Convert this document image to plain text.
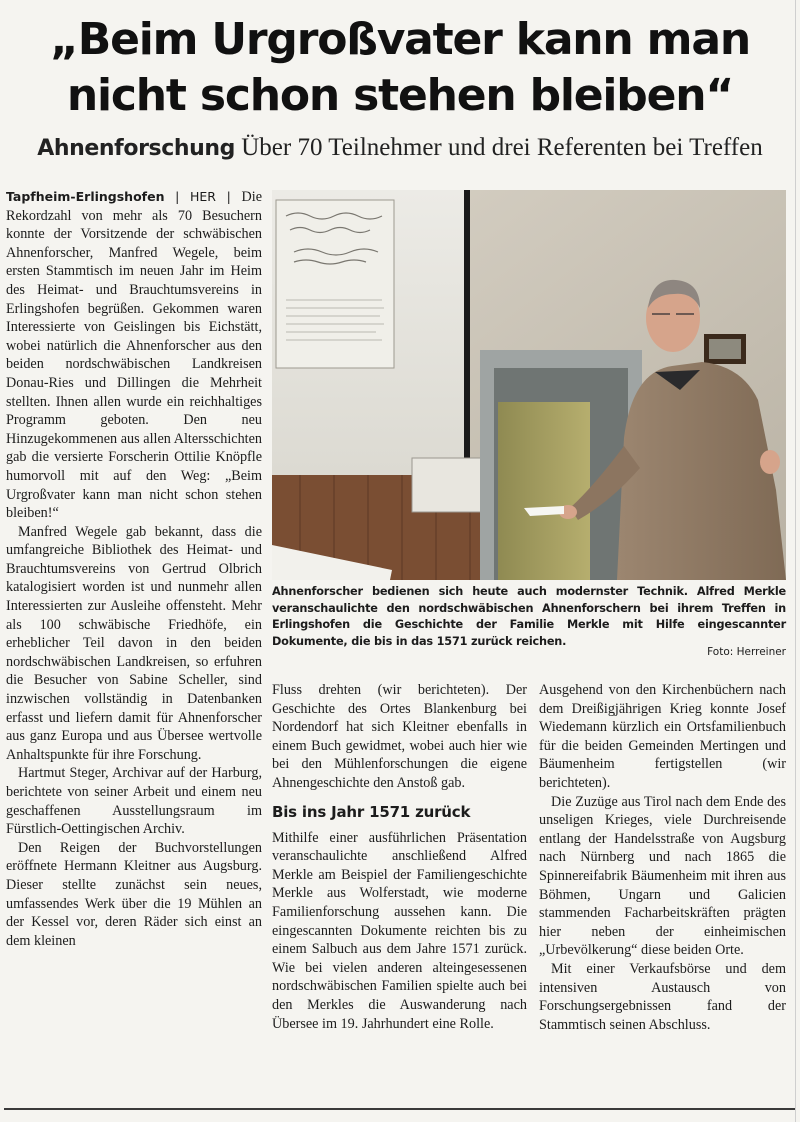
„Beim Urgroßvater kann man
nicht schon stehen bleiben“
Ahnenforschung Über 70 Teilnehmer und drei Referenten bei Treffen

Tapfheim-Erlingshofen | HER | Die Rekordzahl von mehr als 70 Besuchern konnte der Vorsitzende der schwäbischen Ahnenforscher, Manfred Wegele, beim ersten Stammtisch im neuen Jahr im Heim des Heimat- und Brauchtumsvereins in Erlingshofen begrüßen. Gekommen waren Interessierte von Geislingen bis Eichstätt, wobei natürlich die Ahnenforscher aus den beiden nordschwäbischen Landkreisen Donau-Ries und Dillingen die Mehrheit stellten. Ihnen allen wurde ein reichhaltiges Programm geboten. Den neu Hinzugekommenen aus allen Altersschichten gab die versierte Forscherin Ottilie Knöpfle humorvoll mit auf den Weg: „Beim Urgroßvater kann man nicht schon stehen bleiben!“

Manfred Wegele gab bekannt, dass die umfangreiche Bibliothek des Heimat- und Brauchtumsvereins von Gertrud Olbrich katalogisiert worden ist und nunmehr allen Interessierten zur Ausleihe offensteht. Mehr als 100 schwäbische Friedhöfe, ein erheblicher Teil davon in den beiden nordschwäbischen Landkreisen, so erfuhren die Besucher von Sabine Scheller, sind inzwischen vollständig in Datenbanken erfasst und liefern damit für Ahnenforscher aus ganz Europa und aus Übersee wertvolle Anhaltspunkte für ihre Forschung.

Hartmut Steger, Archivar auf der Harburg, berichtete von seiner Arbeit und einem neu geschaffenen Ausstellungsraum im Fürstlich-Oettingischen Archiv.

Den Reigen der Buchvorstellungen eröffnete Hermann Kleitner aus Augsburg. Dieser stellte zunächst sein neues, umfassendes Werk über die 19 Mühlen an der Kessel vor, deren Räder sich einst an dem kleinen

Ahnenforscher bedienen sich heute auch modernster Technik. Alfred Merkle veranschaulichte den nordschwäbischen Ahnenforschern bei ihrem Treffen in Erlingshofen die Geschichte der Familie Merkle mit Hilfe eingescannter Dokumente, die bis in das 1571 zurück reichen.
Foto: Herreiner

Fluss drehten (wir berichteten). Der Geschichte des Ortes Blankenburg bei Nordendorf hat sich Kleitner ebenfalls in einem Buch gewidmet, wobei auch hier wie bei den Mühlenforschungen die eigene Ahnengeschichte den Anstoß gab.

Bis ins Jahr 1571 zurück

Mithilfe einer ausführlichen Präsentation veranschaulichte anschließend Alfred Merkle am Beispiel der Familiengeschichte Merkle aus Wolferstadt, wie moderne Familienforschung aussehen kann. Die eingescannten Dokumente reichten bis zu einem Salbuch aus dem Jahre 1571 zurück. Wie bei vielen anderen alteingesessenen nordschwäbischen Familien spielte auch bei den Merkles die Auswanderung nach Übersee im 19. Jahrhundert eine Rolle.

Ausgehend von den Kirchenbüchern nach dem Dreißigjährigen Krieg konnte Josef Wiedemann kürzlich ein Ortsfamilienbuch für die beiden Gemeinden Mertingen und Bäumenheim fertigstellen (wir berichteten).

Die Zuzüge aus Tirol nach dem Ende des unseligen Krieges, viele Durchreisende entlang der Handelsstraße von Augsburg nach Nürnberg und nach 1865 die Spinnereifabrik Bäumenheim mit ihren aus Böhmen, Ungarn und Galicien stammenden Facharbeitskräften prägten hier neben der einheimischen „Urbevölkerung“ diese beiden Orte.

Mit einer Verkaufsbörse und dem intensiven Austausch von Forschungsergebnissen fand der Stammtisch seinen Abschluss.
